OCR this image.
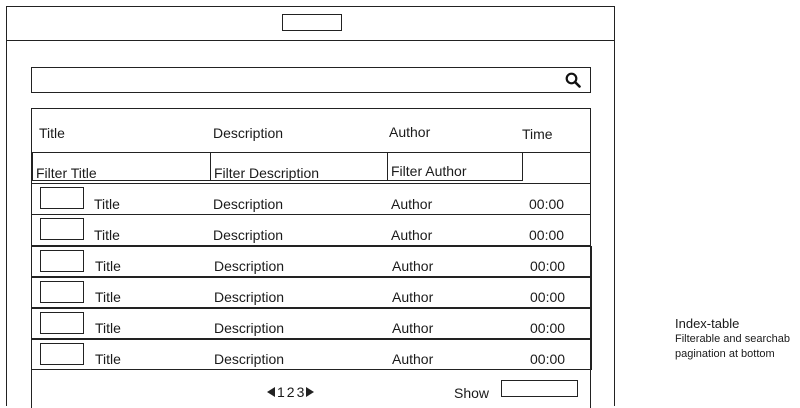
Title	Description	Author	Time
Filter Title	Filter Description	Filter Author
Title	Description	Author	00:00
Title	Description	Author	00:00
Title	Description	Author	00:00
Title	Description	Author	00:00
Title	Description	Author	00:00
Title	Description	Author	00:00
1 2 3	Show
Index-table
Filterable and searchab
pagination at bottom
